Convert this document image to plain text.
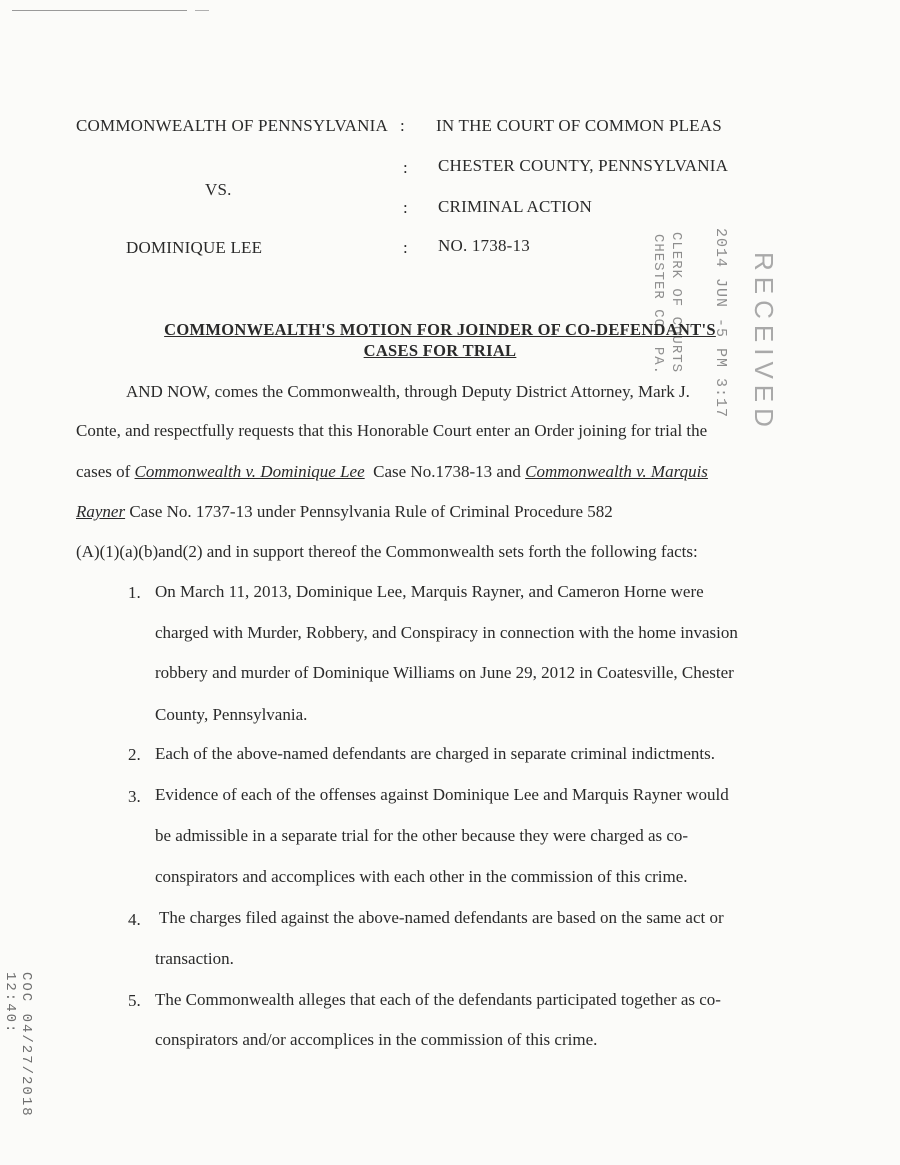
COMMONWEALTH OF PENNSYLVANIA
VS.
DOMINIQUE LEE
:
:
:
:
IN THE COURT OF COMMON PLEAS
CHESTER COUNTY, PENNSYLVANIA
CRIMINAL ACTION
NO. 1738-13	2014 JUN -5 PM 3:17
CLERK OF COURTS
CHESTER CO. PA.	RECEIVED
COMMONWEALTH'S MOTION FOR JOINDER OF CO-DEFENDANT'S
CASES FOR TRIAL
AND NOW, comes the Commonwealth, through Deputy District Attorney, Mark J.
Conte, and respectfully requests that this Honorable Court enter an Order joining for trial the
cases of Commonwealth v. Dominique Lee  Case No.1738-13 and Commonwealth v. Marquis
Rayner Case No. 1737-13 under Pennsylvania Rule of Criminal Procedure 582
(A)(1)(a)(b)and(2) and in support thereof the Commonwealth sets forth the following facts:
1. On March 11, 2013, Dominique Lee, Marquis Rayner, and Cameron Horne were
charged with Murder, Robbery, and Conspiracy in connection with the home invasion
robbery and murder of Dominique Williams on June 29, 2012 in Coatesville, Chester
County, Pennsylvania.
2. Each of the above-named defendants are charged in separate criminal indictments.
3. Evidence of each of the offenses against Dominique Lee and Marquis Rayner would
be admissible in a separate trial for the other because they were charged as co-
conspirators and accomplices with each other in the commission of this crime.
4. The charges filed against the above-named defendants are based on the same act or
transaction.
5. The Commonwealth alleges that each of the defendants participated together as co-
conspirators and/or accomplices in the commission of this crime.
COC 04/27/2018 12:40:
